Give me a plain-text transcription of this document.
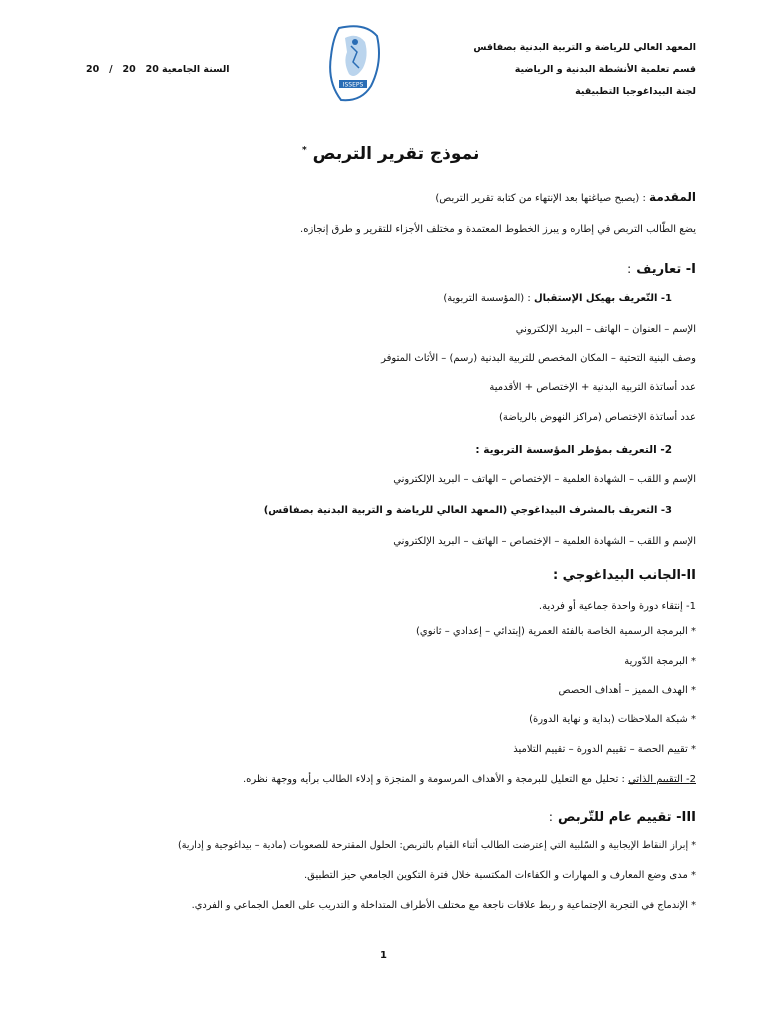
المعهد العالي للرياضة و التربية البدنية بصفاقس
قسم تعلمية الأنشطة البدنية و الرياضية
لجنة البيداغوجيا التطبيقية
السنة الجامعية
20   /   20   20
ISSEPS
نموذج تقرير التربص *
المقدمة : (يصبح صياغتها بعد الإنتهاء من كتابة تقرير التربص)
يضع الطّالب التربص في إطاره و يبرز الخطوط المعتمدة و مختلف الأجزاء للتقرير و طرق إنجازه.
I- تعاريف :
1- التّعريف بهيكل الإستقبال : (المؤسسة التربوية)
الإسم – العنوان – الهاتف – البريد الإلكتروني
وصف البنية التحتية – المكان المخصص للتربية البدنية (رسم) – الأثاث المتوفر
عدد أساتذة التربية البدنية + الإختصاص + الأقدمية
عدد أساتذة الإختصاص (مراكز النهوض بالرياضة)
2- التعريف بمؤطر المؤسسة التربوية :
الإسم و اللقب – الشهادة العلمية – الإختصاص – الهاتف – البريد الإلكتروني
3- التعريف بالمشرف البيداغوجي (المعهد العالي للرياضة و التربية البدنية بصفاقس)
الإسم و اللقب – الشهادة العلمية – الإختصاص – الهاتف – البريد الإلكتروني
II-الجانب البيداغوجي :
1- إنتقاء دورة واحدة جماعية أو فردية.
* البرمجة الرسمية الخاصة بالفئة العمرية (إبتدائي – إعدادي – ثانوي)
* البرمجة الدّورية
* الهدف المميز – أهداف الحصص
* شبكة الملاحظات (بداية و نهاية الدورة)
* تقييم الحصة – تقييم الدورة – تقييم التلاميذ
2- التقييم الذاتي : تحليل مع التعليل للبرمجة و الأهداف المرسومة و المنجزة و إدلاء الطالب برأيه ووجهة نظره.
III- تقييم عام للتّربص :
* إبراز النقاط الإيجابية و السّلبية التي إعترضت الطالب أثناء القيام بالتربص: الحلول المقترحة للصعوبات (مادية – بيداغوجية و إدارية)
* مدى وضع المعارف و المهارات و الكفاءات المكتسبة خلال فترة التكوين الجامعي حيز التطبيق.
* الإندماج في التجربة الإجتماعية و ربط علاقات ناجعة مع مختلف الأطراف المتداخلة و التدريب على العمل الجماعي و الفردي.
1
